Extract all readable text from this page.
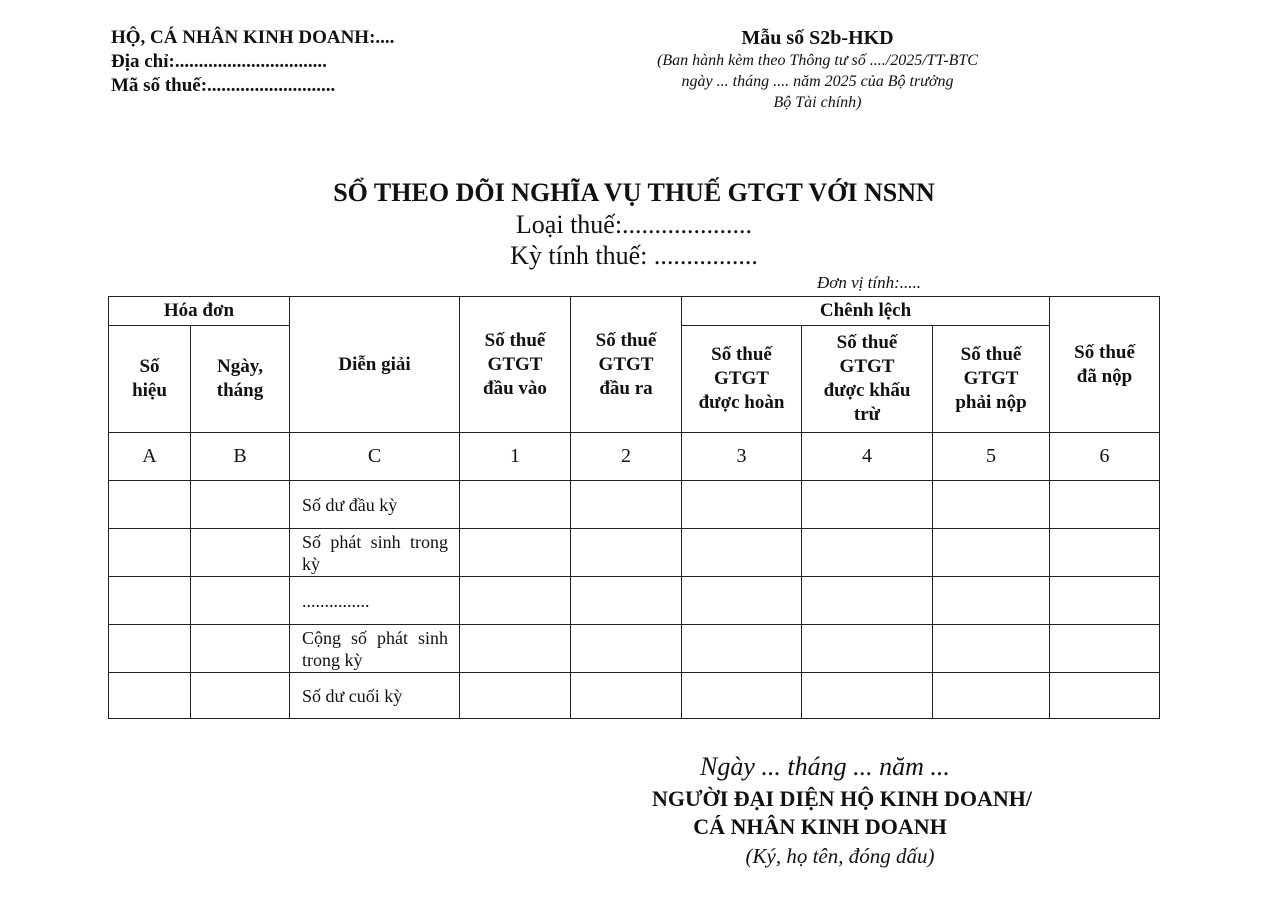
HỘ, CÁ NHÂN KINH DOANH:....
Địa chỉ:................................
Mã số thuế:...........................
Mẫu số S2b-HKD
(Ban hành kèm theo Thông tư số ..../2025/TT-BTC
ngày ... tháng .... năm 2025 của Bộ trưởng
Bộ Tài chính)
SỔ THEO DÕI NGHĨA VỤ THUẾ GTGT VỚI NSNN
Loại thuế:....................
Kỳ tính thuế: ................
Đơn vị tính:.....
Hóa đơn		Diễn giải	Số thuế GTGT đầu vào	Số thuế GTGT đầu ra	Chênh lệch			Số thuế đã nộp

Số hiệu	Ngày, tháng				Số thuế GTGT được hoàn	Số thuế GTGT được khấu trừ	Số thuế GTGT phải nộp	

A	B	C	1	2	3	4	5	6
		Số dư đầu kỳ						
		Số phát sinh trong kỳ						
		...............						
		Cộng số phát sinh trong kỳ						
		Số dư cuối kỳ						
Ngày ... tháng ... năm ...
NGƯỜI ĐẠI DIỆN HỘ KINH DOANH/
CÁ NHÂN KINH DOANH
(Ký, họ tên, đóng dấu)
